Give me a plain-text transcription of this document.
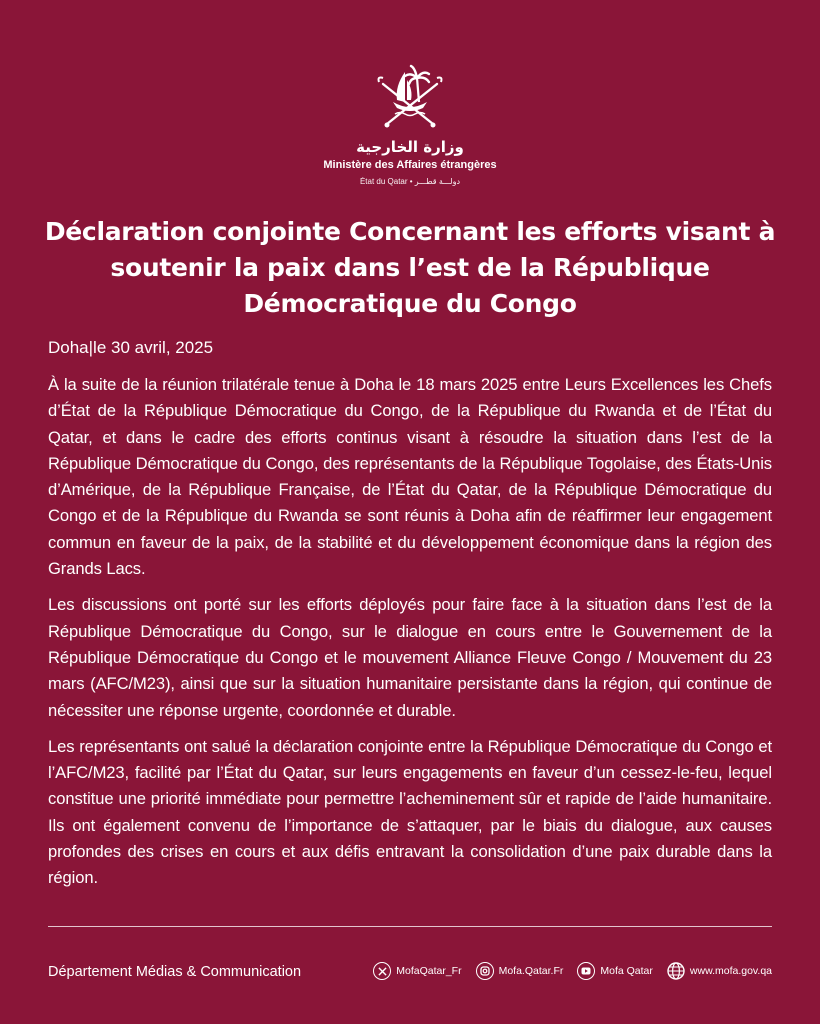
وزارة الخارجية
Ministère des Affaires étrangères
État du Qatar • دولـــة قطـــر
Déclaration conjointe Concernant les efforts visant à soutenir la paix dans l’est de la République Démocratique du Congo
Doha|le 30 avril, 2025

À la suite de la réunion trilatérale tenue à Doha le 18 mars 2025 entre Leurs Excellences les Chefs d’État de la République Démocratique du Congo, de la République du Rwanda et de l’État du Qatar, et dans le cadre des efforts continus visant à résoudre la situation dans l’est de la République Démocratique du Congo, des représentants de la République Togolaise, des États-Unis d’Amérique, de la République Française, de l’État du Qatar, de la République Démocratique du Congo et de la République du Rwanda se sont réunis à Doha afin de réaffirmer leur engagement commun en faveur de la paix, de la stabilité et du développement économique dans la région des Grands Lacs.

Les discussions ont porté sur les efforts déployés pour faire face à la situation dans l’est de la République Démocratique du Congo, sur le dialogue en cours entre le Gouvernement de la République Démocratique du Congo et le mouvement Alliance Fleuve Congo / Mouvement du 23 mars (AFC/M23), ainsi que sur la situation humanitaire persistante dans la région, qui continue de nécessiter une réponse urgente, coordonnée et durable.

Les représentants ont salué la déclaration conjointe entre la République Démocratique du Congo et l’AFC/M23, facilité par l’État du Qatar, sur leurs engagements en faveur d’un cessez-le-feu, lequel constitue une priorité immédiate pour permettre l’acheminement sûr et rapide de l’aide humanitaire. Ils ont également convenu de l’importance de s’attaquer, par le biais du dialogue, aux causes profondes des crises en cours et aux défis entravant la consolidation d’une paix durable dans la région.

Département Médias & Communication	MofaQatar_Fr	Mofa.Qatar.Fr	Mofa Qatar	www.mofa.gov.qa
